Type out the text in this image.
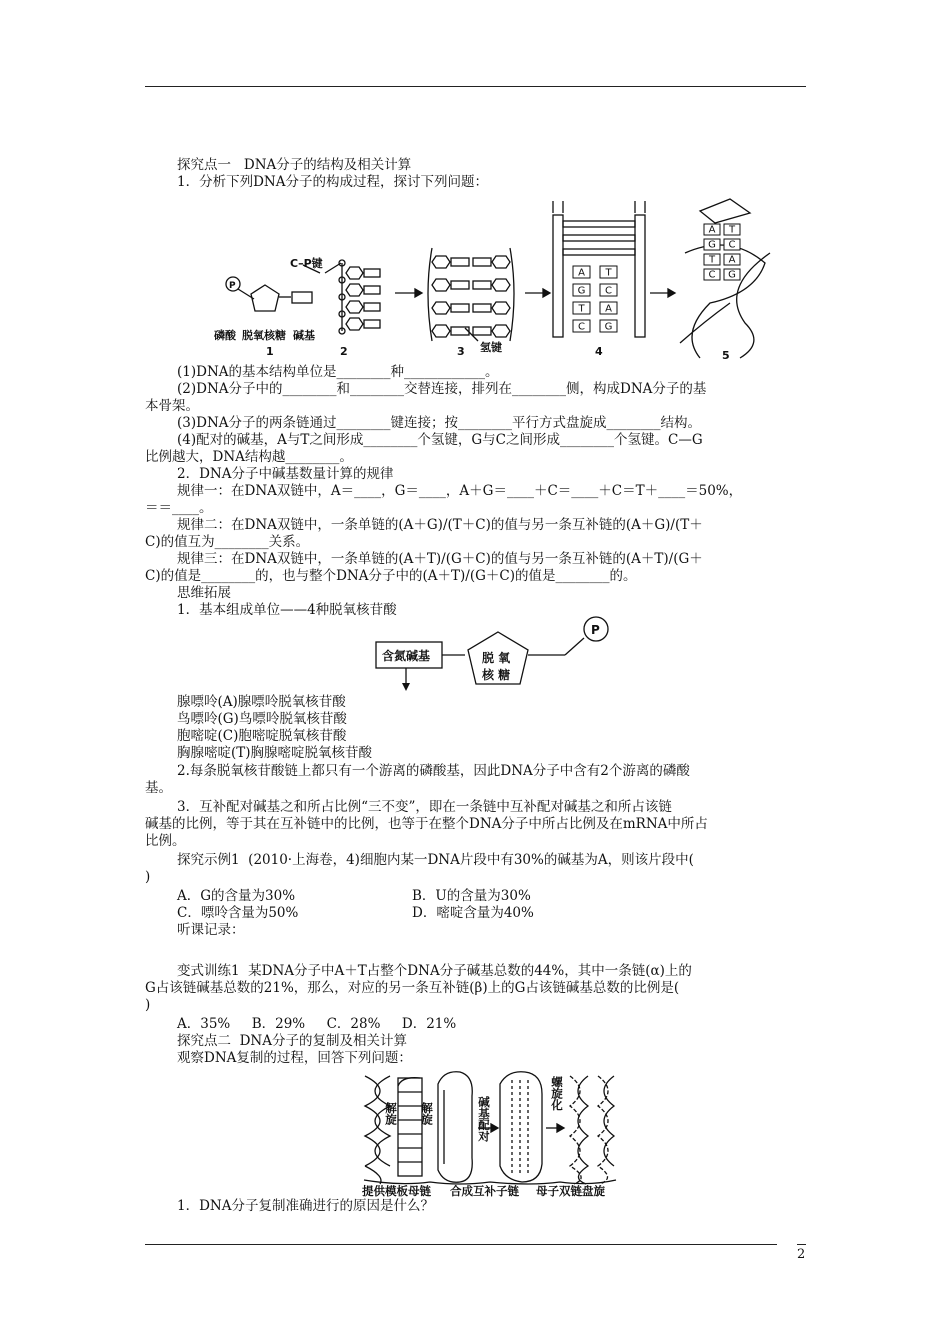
探究点一   DNA分子的结构及相关计算
1．分析下列DNA分子的构成过程，探讨下列问题：
A T
G C
T A
C G
A T
G C
T A
C G
P
C–P键
磷酸 脱氧核糖 碱基
氢键
1	2	3	4	5
(1)DNA的基本结构单位是________种____________。
(2)DNA分子中的________和________交替连接，排列在________侧，构成DNA分子的基
本骨架。
(3)DNA分子的两条链通过________键连接；按________平行方式盘旋成________结构。
(4)配对的碱基，A与T之间形成________个氢键，G与C之间形成________个氢键。C—G
比例越大，DNA结构越________。
2．DNA分子中碱基数量计算的规律
规律一：在DNA双链中，A＝____，G＝____，A＋G＝____＋C＝____＋C＝T＋____＝50%，
＝＝____。
规律二：在DNA双链中，一条单链的(A＋G)/(T＋C)的值与另一条互补链的(A＋G)/(T＋
C)的值互为________关系。
规律三：在DNA双链中，一条单链的(A＋T)/(G＋C)的值与另一条互补链的(A＋T)/(G＋
C)的值是________的，也与整个DNA分子中的(A＋T)/(G＋C)的值是________的。
思维拓展
1．基本组成单位——4种脱氧核苷酸
含氮碱基	脱 氧
核 糖
P
腺嘌呤(A)腺嘌呤脱氧核苷酸
鸟嘌呤(G)鸟嘌呤脱氧核苷酸
胞嘧啶(C)胞嘧啶脱氧核苷酸
胸腺嘧啶(T)胸腺嘧啶脱氧核苷酸
2.每条脱氧核苷酸链上都只有一个游离的磷酸基，因此DNA分子中含有2个游离的磷酸
基。
3．互补配对碱基之和所占比例“三不变”，即在一条链中互补配对碱基之和所占该链
碱基的比例，等于其在互补链中的比例，也等于在整个DNA分子中所占比例及在mRNA中所占
比例。
探究示例1  (2010·上海卷，4)细胞内某一DNA片段中有30%的碱基为A，则该片段中(
)
A．G的含量为30%	B．U的含量为30%
C．嘌呤含量为50%	D．嘧啶含量为40%
听课记录：
变式训练1  某DNA分子中A＋T占整个DNA分子碱基总数的44%，其中一条链(α)上的
G占该链碱基总数的21%，那么，对应的另一条互补链(β)上的G占该链碱基总数的比例是(
)
A．35%     B．29%     C．28%     D．21%
探究点二  DNA分子的复制及相关计算
观察DNA复制的过程，回答下列问题：
解旋 解旋	碱基配对
螺旋化
提供模板母链 合成互补子链 母子双链盘旋
1．DNA分子复制准确进行的原因是什么？
2
